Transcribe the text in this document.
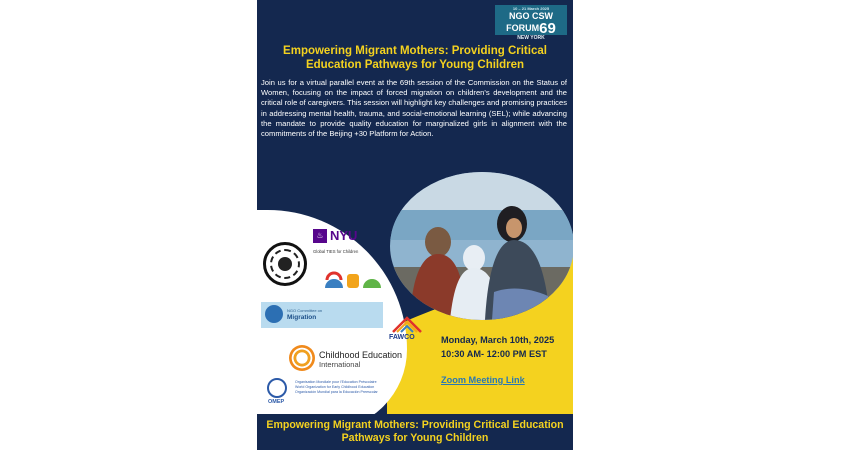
10 – 21 March 2025
NGO CSW FORUM69
NEW YORK
Empowering Migrant Mothers: Providing Critical Education Pathways for Young Children

Join us for a virtual parallel event at the 69th session of the Commission on the Status of Women, focusing on the impact of forced migration on children's development and the critical role of caregivers. This session will highlight key challenges and promising practices in addressing mental health, trauma, and social-emotional learning (SEL); while advancing the mandate to provide quality education for marginalized girls in alignment with the commitments of the Beijing +30 Platform for Action.

♨ NYU
Global TIES for Children
NGO Committee on
Migration
FAWCO
Childhood Education
International
OMEP
Organisation Mondiale pour l'Education Préscolaire
World Organization for Early Childhood Education
Organización Mundial para la Educación Preescolar
Monday, March 10th, 2025
10:30 AM- 12:00 PM EST
Zoom Meeting Link
Empowering Migrant Mothers: Providing Critical Education Pathways for Young Children
